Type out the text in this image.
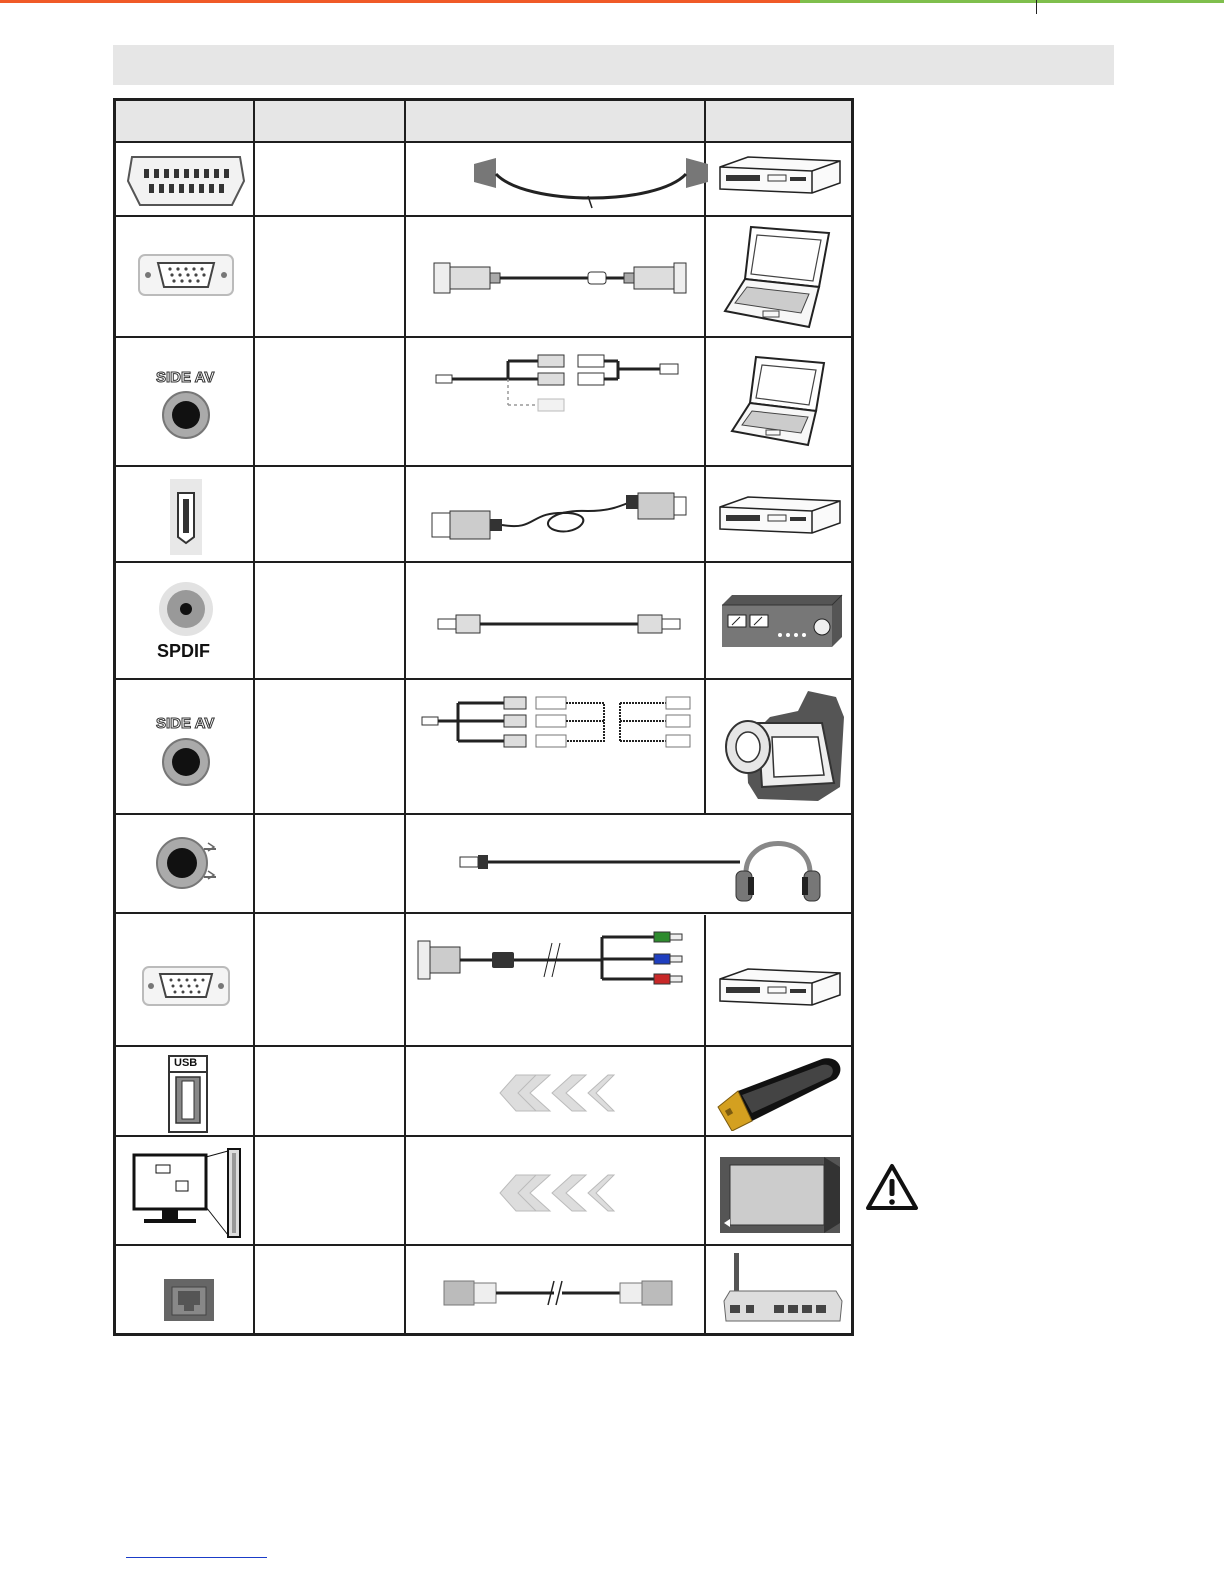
SIDE AV
SPDIF
SIDE AV
USB
